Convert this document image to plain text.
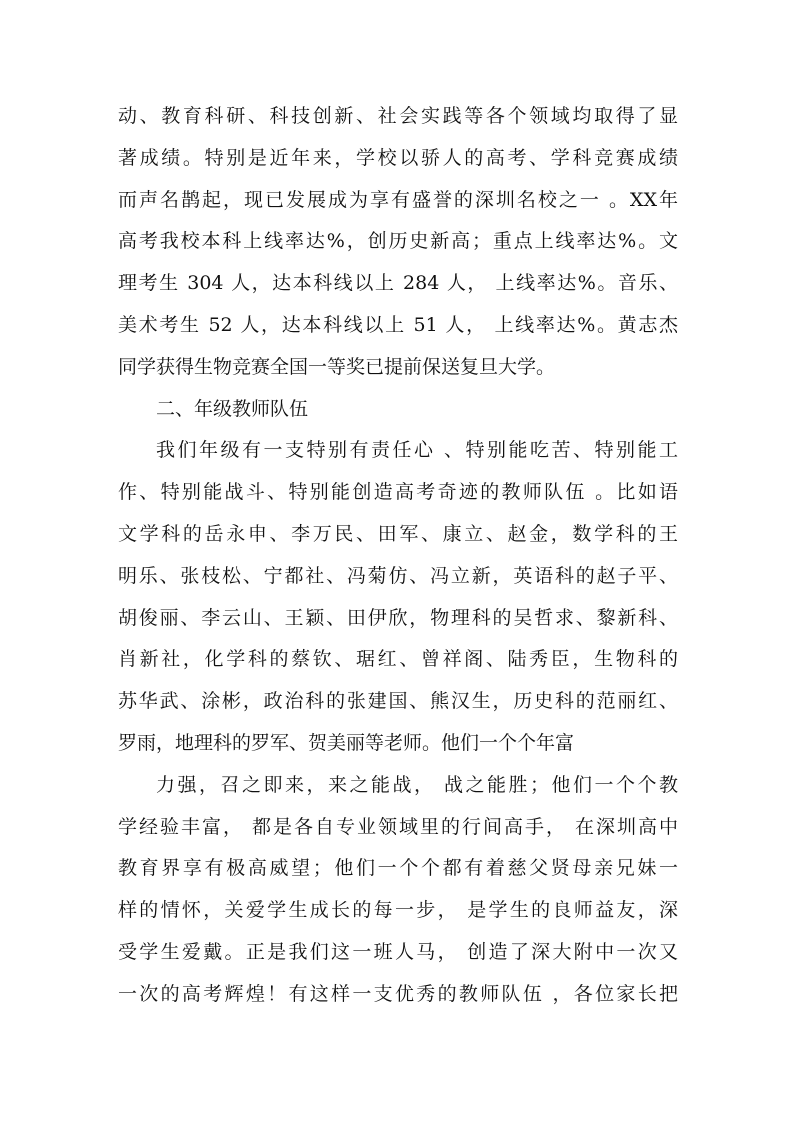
动、教育科研、科技创新、社会实践等各个领域均取得了显
著成绩。特别是近年来，学校以骄人的高考、学科竞赛成绩
而声名鹊起，现已发展成为享有盛誉的深圳名校之一 。XX年
高考我校本科上线率达%，创历史新高；重点上线率达%。文
理考生 304 人，达本科线以上 284 人， 上线率达%。音乐、
美术考生 52 人，达本科线以上 51 人， 上线率达%。黄志杰
同学获得生物竞赛全国一等奖已提前保送复旦大学。
二、年级教师队伍
我们年级有一支特别有责任心 、特别能吃苦、特别能工
作、特别能战斗、特别能创造高考奇迹的教师队伍 。比如语
文学科的岳永申、李万民、田军、康立、赵金，数学科的王
明乐、张枝松、宁都社、冯菊仿、冯立新，英语科的赵子平、
胡俊丽、李云山、王颖、田伊欣，物理科的吴哲求、黎新科、
肖新社，化学科的蔡钦、琚红、曾祥阁、陆秀臣，生物科的
苏华武、涂彬，政治科的张建国、熊汉生，历史科的范丽红、
罗雨，地理科的罗军、贺美丽等老师。他们一个个年富
力强，召之即来，来之能战， 战之能胜；他们一个个教
学经验丰富， 都是各自专业领域里的行间高手， 在深圳高中
教育界享有极高威望；他们一个个都有着慈父贤母亲兄妹一
样的情怀，关爱学生成长的每一步， 是学生的良师益友，深
受学生爱戴。正是我们这一班人马， 创造了深大附中一次又
一次的高考辉煌！有这样一支优秀的教师队伍 ，各位家长把
